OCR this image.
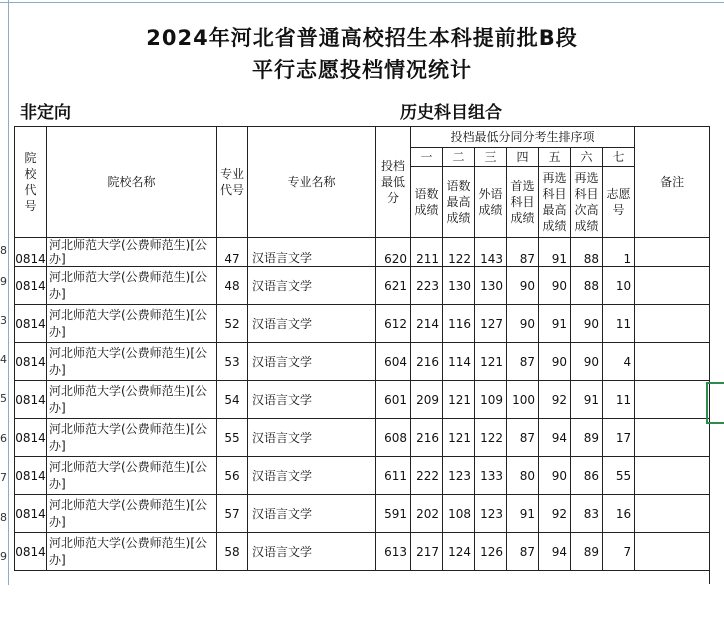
2024年河北省普通高校招生本科提前批B段
平行志愿投档情况统计
非定向	历史科目组合
院校代号	院校名称	专业代号	专业名称	投档最低分	投档最低分同分考生排序项							备注
					一	二	三	四	五	六	七	

					语数成绩	语数最高成绩	外语成绩	首选科目成绩	再选科目最高成绩	再选科目次高成绩	志愿号	

0814	河北师范大学(公费师范生)[公办]	47	汉语言文学	620	211	122	143	87	91	88	1	
0814	河北师范大学(公费师范生)[公办]	48	汉语言文学	621	223	130	130	90	90	88	10	
0814	河北师范大学(公费师范生)[公办]	52	汉语言文学	612	214	116	127	90	91	90	11	
0814	河北师范大学(公费师范生)[公办]	53	汉语言文学	604	216	114	121	87	90	90	4	
0814	河北师范大学(公费师范生)[公办]	54	汉语言文学	601	209	121	109	100	92	91	11	
0814	河北师范大学(公费师范生)[公办]	55	汉语言文学	608	216	121	122	87	94	89	17	
0814	河北师范大学(公费师范生)[公办]	56	汉语言文学	611	222	123	133	80	90	86	55	
0814	河北师范大学(公费师范生)[公办]	57	汉语言文学	591	202	108	123	91	92	83	16	
0814	河北师范大学(公费师范生)[公办]	58	汉语言文学	613	217	124	126	87	94	89	7	
8
9
3
4
5
6
7
8
9
